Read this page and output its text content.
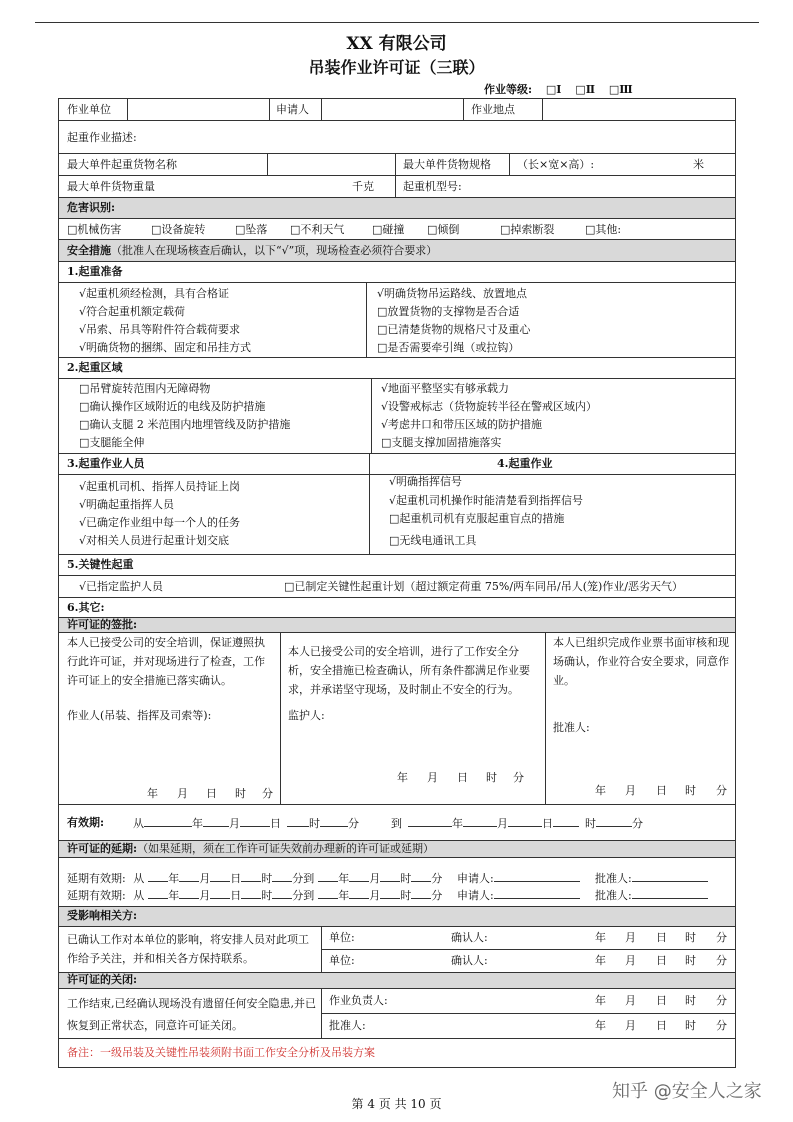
XX 有限公司
吊装作业许可证（三联）
作业等级: □Ⅰ □Ⅱ □Ⅲ
作业单位	申请人	作业地点
起重作业描述:
最大单件起重货物名称	最大单件货物规格 （长×宽×高）:	米
最大单件货物重量	千克	起重机型号:
危害识别:
□机械伤害	□设备旋转	□坠落 □不利天气	□碰撞 □倾倒	□掉索断裂	□其他:
安全措施（批准人在现场核查后确认，以下“√”项，现场检查必须符合要求）
1.起重准备
√起重机须经检测，具有合格证
√符合起重机额定载荷
√吊索、吊具等附件符合载荷要求
√明确货物的捆绑、固定和吊挂方式
√明确货物吊运路线、放置地点
□放置货物的支撑物是否合适
□已清楚货物的规格尺寸及重心
□是否需要牵引绳（或拉钩）
2.起重区域
□吊臂旋转范围内无障碍物
□确认操作区域附近的电线及防护措施
□确认支腿 2 米范围内地埋管线及防护措施
□支腿能全伸
√地面平整坚实有够承载力
√设警戒标志（货物旋转半径在警戒区域内）
√考虑井口和带压区域的防护措施
□支腿支撑加固措施落实
3.起重作业人员	4.起重作业
√起重机司机、指挥人员持证上岗
√明确起重指挥人员
√已确定作业组中每一个人的任务
√对相关人员进行起重计划交底
√明确指挥信号
√起重机司机操作时能清楚看到指挥信号
□起重机司机有克服起重盲点的措施
□无线电通讯工具
5.关键性起重
√已指定监护人员	□已制定关键性起重计划（超过额定荷重 75%/两车同吊/吊人(笼)作业/恶劣天气）
6.其它:
许可证的签批:
本人已接受公司的安全培训，保证遵照执行此许可证，并对现场进行了检查，工作许可证上的安全措施已落实确认。
作业人(吊装、指挥及司索等):
本人已接受公司的安全培训，进行了工作安全分析，安全措施已检查确认，所有条件都满足作业要求，并承诺坚守现场，及时制止不安全的行为。
监护人:
本人已组织完成作业票书面审核和现场确认，作业符合安全要求，同意作业。
批准人:
年 月 日 时 分
年 月 日 时 分
年 月 日 时 分
有效期:	从	年 月	日	时	分	到	年	月	日	时	分
许可证的延期:（如果延期，须在工作许可证失效前办理新的许可证或延期）
延期有效期: 从 年 月 日 时 分到 年 月 时 分 申请人:	批准人:
延期有效期: 从 年 月 日 时 分到 年 月 时 分 申请人:	批准人:
受影响相关方:
已确认工作对本单位的影响，将安排人员对此项工作给予关注，并和相关各方保持联系。
单位:	确认人:	年 月 日 时 分
单位:	确认人:	年 月 日 时 分
许可证的关闭:
工作结束,已经确认现场没有遗留任何安全隐患,并已恢复到正常状态，同意许可证关闭。
作业负责人:	年 月 日 时 分
批准人:	年 月 日 时 分
备注：一级吊装及关键性吊装须附书面工作安全分析及吊装方案
知乎 @安全人之家
第 4 页 共 10 页
